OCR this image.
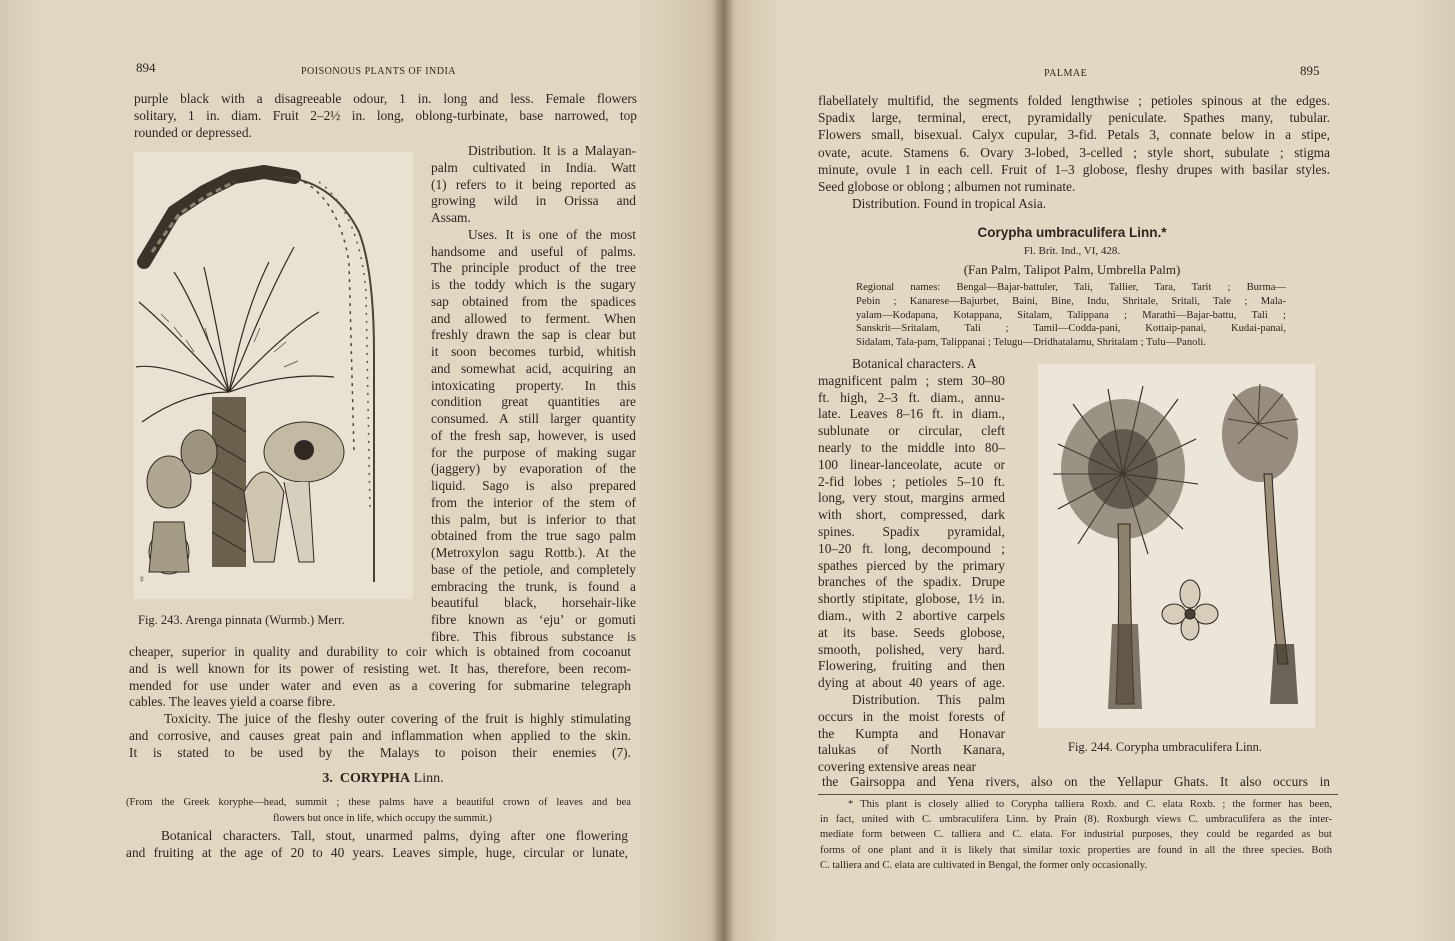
894	POISONOUS PLANTS OF INDIA
purple black with a disagreeable odour, 1 in. long and less. Female flowers
solitary, 1 in. diam. Fruit 2–2½ in. long, oblong-turbinate, base narrowed, top
rounded or depressed.
♀
Distribution. It is a Malayan-
palm cultivated in India. Watt
(1) refers to it being reported as
growing wild in Orissa and
Assam.
Uses. It is one of the most
handsome and useful of palms.
The principle product of the tree
is the toddy which is the sugary
sap obtained from the spadices
and allowed to ferment. When
freshly drawn the sap is clear but
it soon becomes turbid, whitish
and somewhat acid, acquiring an
intoxicating property. In this
condition great quantities are
consumed. A still larger quantity
of the fresh sap, however, is used
for the purpose of making sugar
(jaggery) by evaporation of the
liquid. Sago is also prepared
from the interior of the stem of
this palm, but is inferior to that
obtained from the true sago palm
(Metroxylon sagu Rottb.). At the
base of the petiole, and completely
embracing the trunk, is found a
beautiful black, horsehair-like
fibre known as ‘eju’ or gomuti
fibre. This fibrous substance is
Fig. 243. Arenga pinnata (Wurmb.) Merr.
cheaper, superior in quality and durability to coir which is obtained from cocoanut
and is well known for its power of resisting wet. It has, therefore, been recom-
mended for use under water and even as a covering for submarine telegraph
cables. The leaves yield a coarse fibre.
Toxicity. The juice of the fleshy outer covering of the fruit is highly stimulating
and corrosive, and causes great pain and inflammation when applied to the skin.
It is stated to be used by the Malays to poison their enemies (7).
3. CORYPHA Linn.
(From the Greek koryphe—head, summit ; these palms have a beautiful crown of leaves and bea
flowers but once in life, which occupy the summit.)
Botanical characters. Tall, stout, unarmed palms, dying after one flowering
and fruiting at the age of 20 to 40 years. Leaves simple, huge, circular or lunate,
PALMAE	895
flabellately multifid, the segments folded lengthwise ; petioles spinous at the edges.
Spadix large, terminal, erect, pyramidally peniculate. Spathes many, tubular.
Flowers small, bisexual. Calyx cupular, 3-fid. Petals 3, connate below in a stipe,
ovate, acute. Stamens 6. Ovary 3-lobed, 3-celled ; style short, subulate ; stigma
minute, ovule 1 in each cell. Fruit of 1–3 globose, fleshy drupes with basilar styles.
Seed globose or oblong ; albumen not ruminate.
Distribution. Found in tropical Asia.
Corypha umbraculifera Linn.*
Fl. Brit. Ind., VI, 428.
(Fan Palm, Talipot Palm, Umbrella Palm)
Regional names: Bengal—Bajar-battuler, Tali, Tallier, Tara, Tarit ; Burma—
Pebin ; Kanarese—Bajurbet, Baini, Bine, Indu, Shritale, Sritali, Tale ; Mala-
yalam—Kodapana, Kotappana, Sitalam, Talippana ; Marathi—Bajar-battu, Tali ;
Sanskrit—Sritalam, Tali ; Tamil—Codda-pani, Kottaip-panai, Kudai-panai,
Sidalam, Tala-pam, Talippanai ; Telugu—Dridhatalamu, Shritalam ; Tulu—Panoli.
Botanical characters. A
magnificent palm ; stem 30–80
ft. high, 2–3 ft. diam., annu-
late. Leaves 8–16 ft. in diam.,
sublunate or circular, cleft
nearly to the middle into 80–
100 linear-lanceolate, acute or
2-fid lobes ; petioles 5–10 ft.
long, very stout, margins armed
with short, compressed, dark
spines. Spadix pyramidal,
10–20 ft. long, decompound ;
spathes pierced by the primary
branches of the spadix. Drupe
shortly stipitate, globose, 1½ in.
diam., with 2 abortive carpels
at its base. Seeds globose,
smooth, polished, very hard.
Flowering, fruiting and then
dying at about 40 years of age.
Distribution. This palm
occurs in the moist forests of
the Kumpta and Honavar
talukas of North Kanara,
covering extensive areas near
Fig. 244. Corypha umbraculifera Linn.
the Gairsoppa and Yena rivers, also on the Yellapur Ghats. It also occurs in
* This plant is closely allied to Corypha talliera Roxb. and C. elata Roxb. ; the former has been,
in fact, united with C. umbraculifera Linn. by Prain (8). Roxburgh views C. umbraculifera as the inter-
mediate form between C. talliera and C. elata. For industrial purposes, they could be regarded as but
forms of one plant and it is likely that similar toxic properties are found in all the three species. Both
C. talliera and C. elata are cultivated in Bengal, the former only occasionally.
